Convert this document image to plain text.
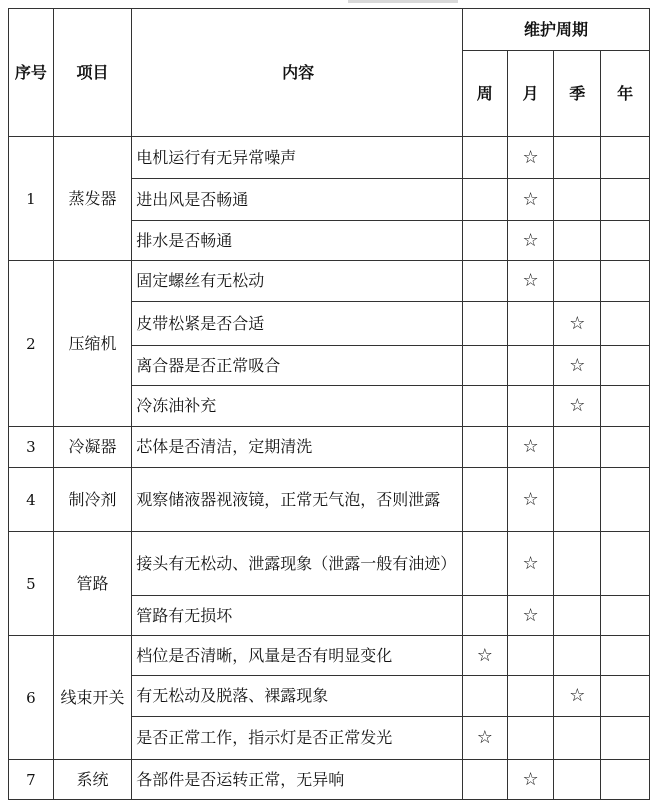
序号	项目	内容	维护周期			
			周	月	季	年
1	蒸发器	电机运行有无异常噪声		☆		
		进出风是否畅通		☆		
		排水是否畅通		☆		
2	压缩机	固定螺丝有无松动		☆		
		皮带松紧是否合适			☆	
		离合器是否正常吸合			☆	
		冷冻油补充			☆	
3	冷凝器	芯体是否清洁，定期清洗		☆		
4	制冷剂	观察储液器视液镜，正常无气泡，否则泄露		☆		
5	管路	接头有无松动、泄露现象（泄露一般有油迹）		☆		
		管路有无损坏		☆		
6	线束开关	档位是否清晰，风量是否有明显变化	☆			
		有无松动及脱落、裸露现象			☆	
		是否正常工作，指示灯是否正常发光	☆			
7	系统	各部件是否运转正常，无异响		☆		
